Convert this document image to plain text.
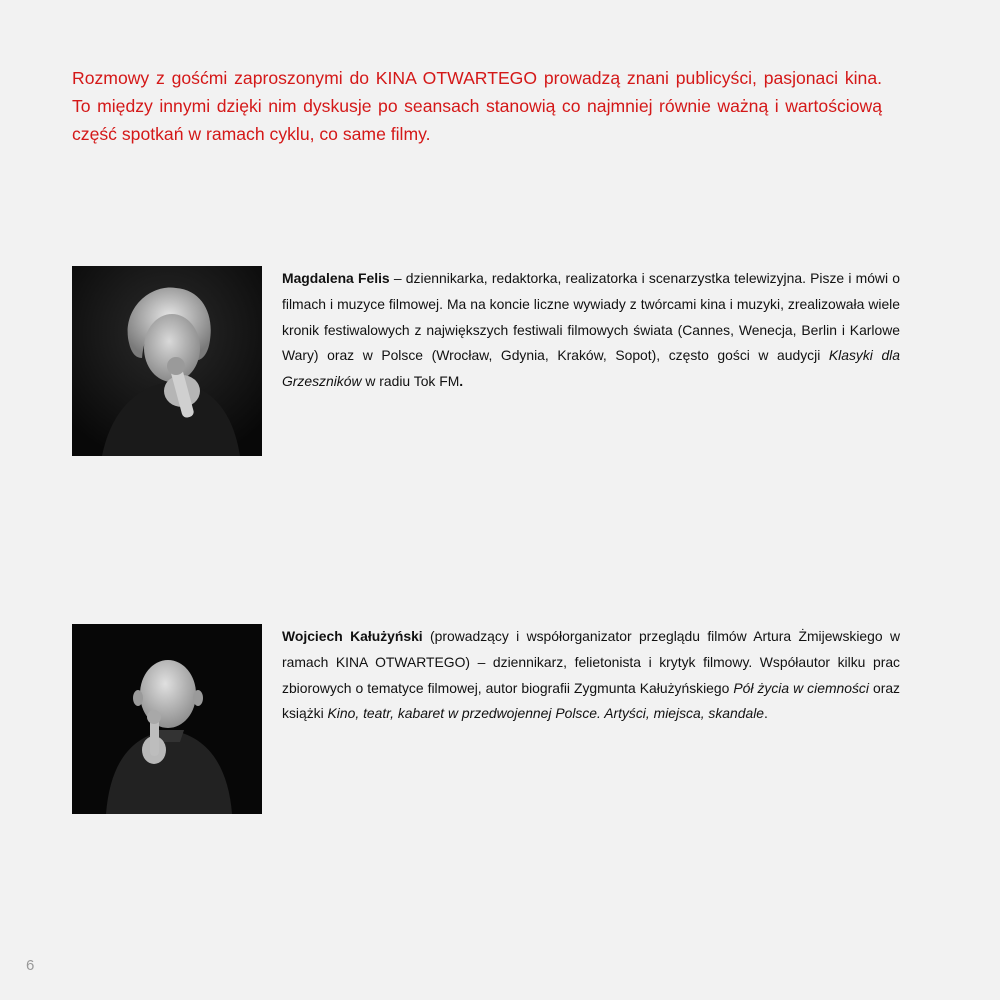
Rozmowy z gośćmi zaproszonymi do KINA OTWARTEGO prowadzą znani publicyści, pasjonaci kina. To między innymi dzięki nim dyskusje po seansach stanowią co najmniej równie ważną i wartościową część spotkań w ramach cyklu, co same filmy.

Magdalena Felis – dziennikarka, redaktorka, realizatorka i scenarzystka telewizyjna. Pisze i mówi o filmach i muzyce filmowej. Ma na koncie liczne wywiady z twórcami kina i muzyki, zrealizowała wiele kronik festiwalowych z największych festiwali filmowych świata (Cannes, Wenecja, Berlin i Karlowe Wary) oraz w Polsce (Wrocław, Gdynia, Kraków, Sopot), często gości w audycji Klasyki dla Grzeszników w radiu Tok FM.

Wojciech Kałużyński (prowadzący i współorganizator przeglądu filmów Artura Żmijewskiego w ramach KINA OTWARTEGO) – dziennikarz, felietonista i krytyk filmowy. Współautor kilku prac zbiorowych o tematyce filmowej, autor biografii Zygmunta Kałużyńskiego Pół życia w ciemności oraz książki Kino, teatr, kabaret w przedwojennej Polsce. Artyści, miejsca, skandale.

6
